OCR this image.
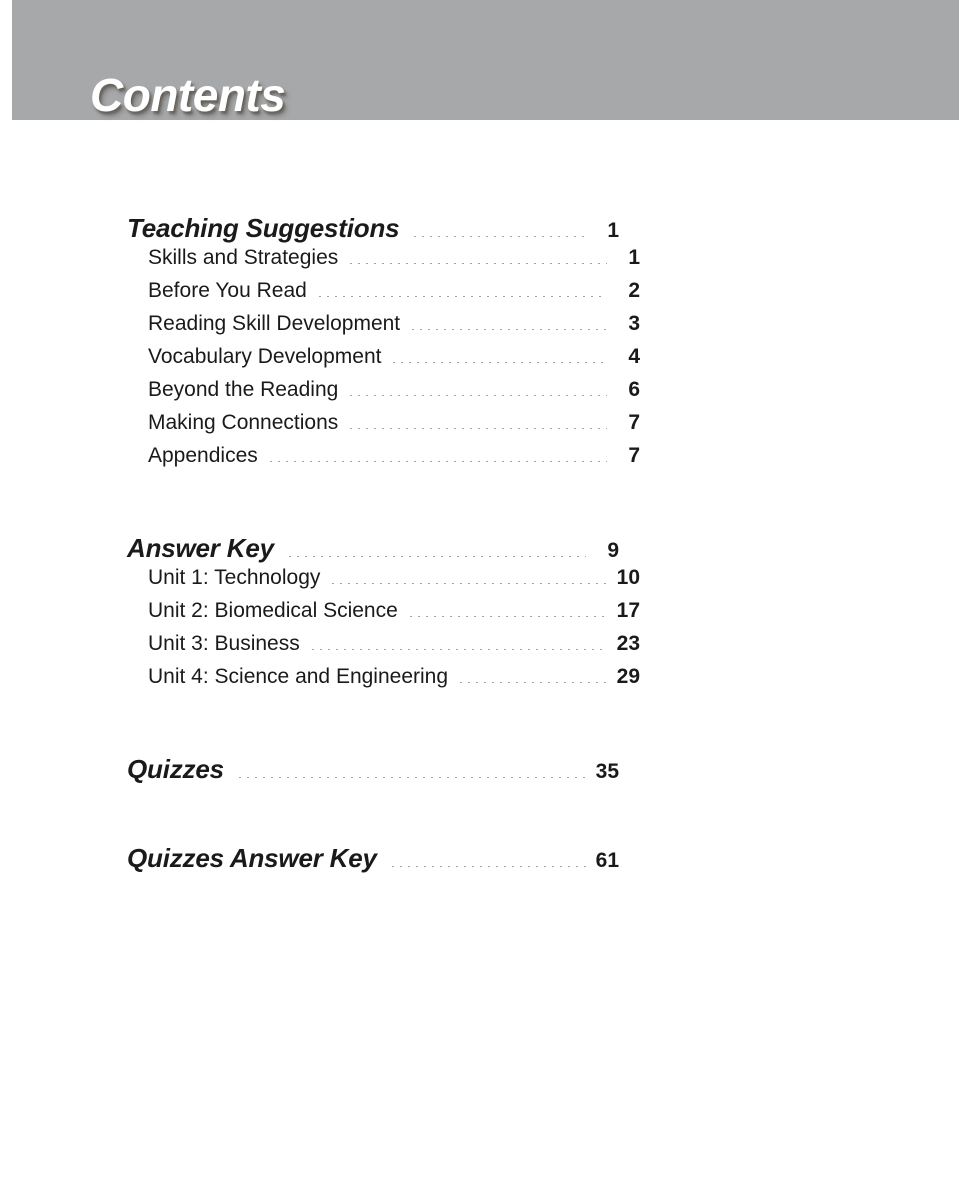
Contents
Teaching Suggestions	1
Skills and Strategies	1
Before You Read	2
Reading Skill Development	3
Vocabulary Development	4
Beyond the Reading	6
Making Connections	7
Appendices	7
Answer Key	9
Unit 1: Technology	10
Unit 2: Biomedical Science	17
Unit 3: Business	23
Unit 4: Science and Engineering	29
Quizzes	35
Quizzes Answer Key	61
